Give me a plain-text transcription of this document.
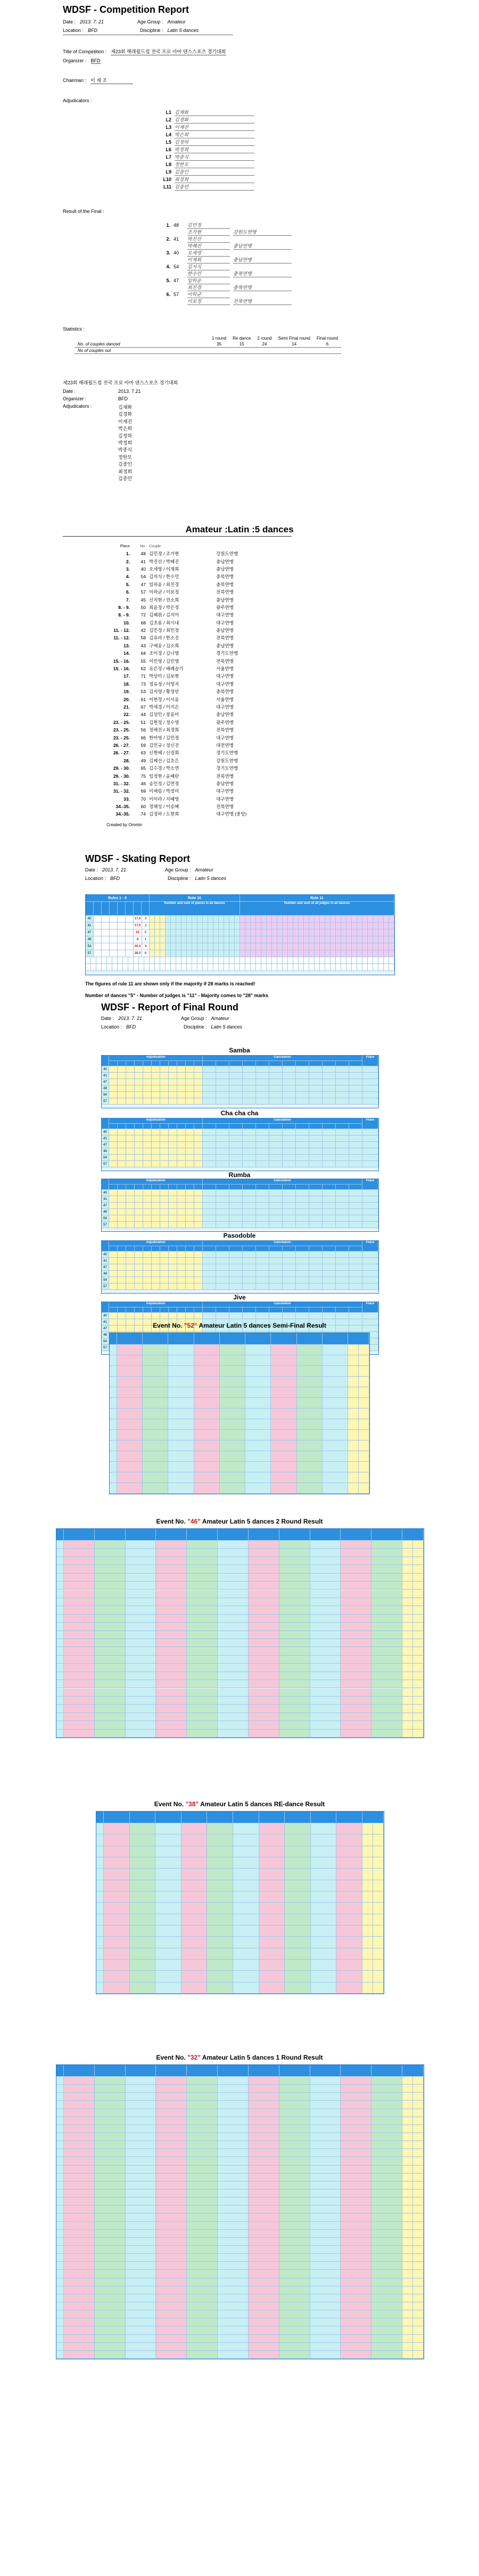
WDSF - Competition Report
Date : 2013. 7. 21	Age Group : Amateur
Location : BFD	Discipline : Latin 5 dances
Title of Competition : 제23회 해래월드컵 전국 프로 아마 댄스스포츠 경기대회
Organizer : BFD
Chairman : 이 재 조
Adjudicators :
L1 김재화
L2 김경화
L3 이재진
L4 박은희
L5 김정하
L6 박정희
L7 박종식
L8 정한모
L9 김종인
L10 최정희
L11 김종민
Result of the Final :
1. 48	김민정
조가현	강원도연맹
2. 41	박진선
박혜진	충남연맹
3. 40	오세영
이재희	충남연맹
4. 54	김지식
한수민	충북연맹
5. 47	임하윤
최진경	충북연맹
6. 57	이하균
이보정	전북연맹
Statistics :
	1 round	Re dance	2 round	Semi Final round	Final round
No. of couples danced	35	15	24	14	6
No of couples out					
제23회 해래월드컵 전국 프로 아마 댄스스포츠 경기대회
Date :	2013. 7.21
Organizer :	BFD
Adjudicators :	김재화
김경화
이재진
박은희
김정하
박정희
박종식
정한모
김종인
최정희
김종민
Amateur :Latin :5 dances
Place	No. Couple
1.	48 김민정 / 조가현	강원도연맹
2.	41 박진선 / 박혜진	충남연맹
3.	40 오세영 / 이재희	충남연맹
4.	54 김지식 / 한수민	충북연맹
5.	47 임하윤 / 최진경	충북연맹
6.	57 이하균 / 이보정	전북연맹
7.	45 신지현 / 전소희	충남연맹
8. - 9.	50 최윤정 / 박은정	광주연맹
8. - 9.	72 김혜원 / 김지아	대구연맹
10.	68 김초롱 / 최시내	대구연맹
11. - 12.	42 김민정 / 최민정	충남연맹
11. - 12.	58 김유라 / 한소진	전북연맹
13.	43 구예송 / 김소희	충남연맹
14.	64 조미경 / 김나영	경기도연맹
15. - 16.	55 이민영 / 김민영	전북연맹
15. - 16.	62 유은정 / 배례슬기	서울연맹
17.	71 박상미 / 김보현	대구연맹
18.	73 정유정 / 이영지	대구연맹
19.	53 김지영 / 황정빈	충북연맹
20.	61 이현정 / 이서윤	서울연맹
21.	67 박세경 / 이지은	대구연맹
22.	44 김상민 / 장윤미	충남연맹
23. - 25.	51 김현정 / 정수영	광주연맹
23. - 25.	56 정해진 / 최경희	전북연맹
23. - 25.	66 한아영 / 김민정	대구연맹
26. - 27.	59 김민규 / 정신진	대전연맹
26. - 27.	63 신현혜 / 신정희	경기도연맹
28.	49 김혜선 / 김초은	강원도연맹
29. - 30.	65 김수경 / 박소연	경기도연맹
29. - 30.	75 임정현 / 윤혜란	전북연맹
31. - 32.	46 송민정 / 김연정	충남연맹
31. - 32.	69 이예림 / 박정미	대구연맹
33.	70 이미라 / 지혜영	대구연맹
34.-35.	60 정해성 / 이승혜	전북연맹
34.-35.	74 김정하 / 도현희	대구연맹 (중앙)
Created by Ommin
WDSF - Skating Report
Date : 2013. 7. 21	Age Group : Amateur
Location : BFD	Discipline : Latin 5 dances
Rules 1 - 9	Rule 10	Rule 11
Number and sum of places in all dances	Number and sum of all judges in all dances
40	17.0	3
41	17.0	2
47	25	5
48	8	1
54	20.0	4
57	28.0	6
The figures of rule 11 are shown only if the majority if 28 marks is reached!
Number of dances "5" - Number of judges is "11" - Majority comes to "28" marks
WDSF - Report of Final Round
Date : 2013. 7. 21	Age Group : Amateur
Location : BFD	Discipline : Latin 5 dances
Samba
Adjudication	Calculation	Place
40
41
47
48
54
57
Cha cha cha
Adjudication	Calculation	Place
40
41
47
48
54
57
Rumba
Adjudication	Calculation	Place
40
41
47
48
54
57
Pasodoble
Adjudication	Calculation	Place
40
41
47
48
54
57
Jive
Adjudication	Calculation	Place
40
41
47
48
54
57
Event No. "52" Amateur Latin 5 dances Semi-Final Result
Event No. "46" Amateur Latin 5 dances 2 Round Result
Event No. "38" Amateur Latin 5 dances RE-dance Result
Event No. "32" Amateur Latin 5 dances 1 Round Result
